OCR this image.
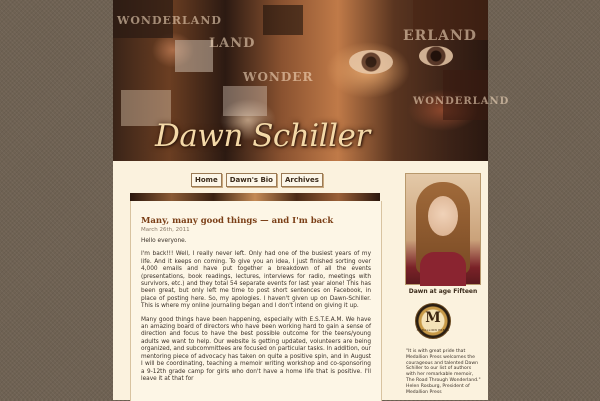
WONDERLAND
LAND
WONDER
ERLAND
WONDERLAND
Dawn Schiller
Home	Dawn's Bio	Archives
Many, many good things — and I'm back
March 26th, 2011

Hello everyone.

I'm back!!! Well, I really never left. Only had one of the busiest years of my life. And it keeps on coming. To give you an idea, I just finished sorting over 4,000 emails and have put together a breakdown of all the events (presentations, book readings, lectures, interviews for radio, meetings with survivors, etc.) and they total 54 separate events for last year alone! This has been great, but only left me time to post short sentences on Facebook, in place of posting here. So, my apologies. I haven't given up on Dawn-Schiller. This is where my online journaling began and I don't intend on giving it up.

Many good things have been happening, especially with E.S.T.E.A.M. We have an amazing board of directors who have been working hard to gain a sense of direction and focus to have the best possible outcome for the teens/young adults we want to help. Our website is getting updated, volunteers are being organized, and subcommittees are focused on particular tasks. In addition, our mentoring piece of advocacy has taken on quite a positive spin, and in August I will be coordinating, teaching a memoir writing workshop and co-sponsoring a 9-12th grade camp for girls who don't have a home life that is positive. I'll leave it at that for

Dawn at age Fifteen
M
MEDALLION PRESS
"It is with great pride that Medallion Press welcomes the courageous and talented Dawn Schiller to our list of authors with her remarkable memoir, The Road Through Wonderland." Helen Rosburg, President of Medallion Press
